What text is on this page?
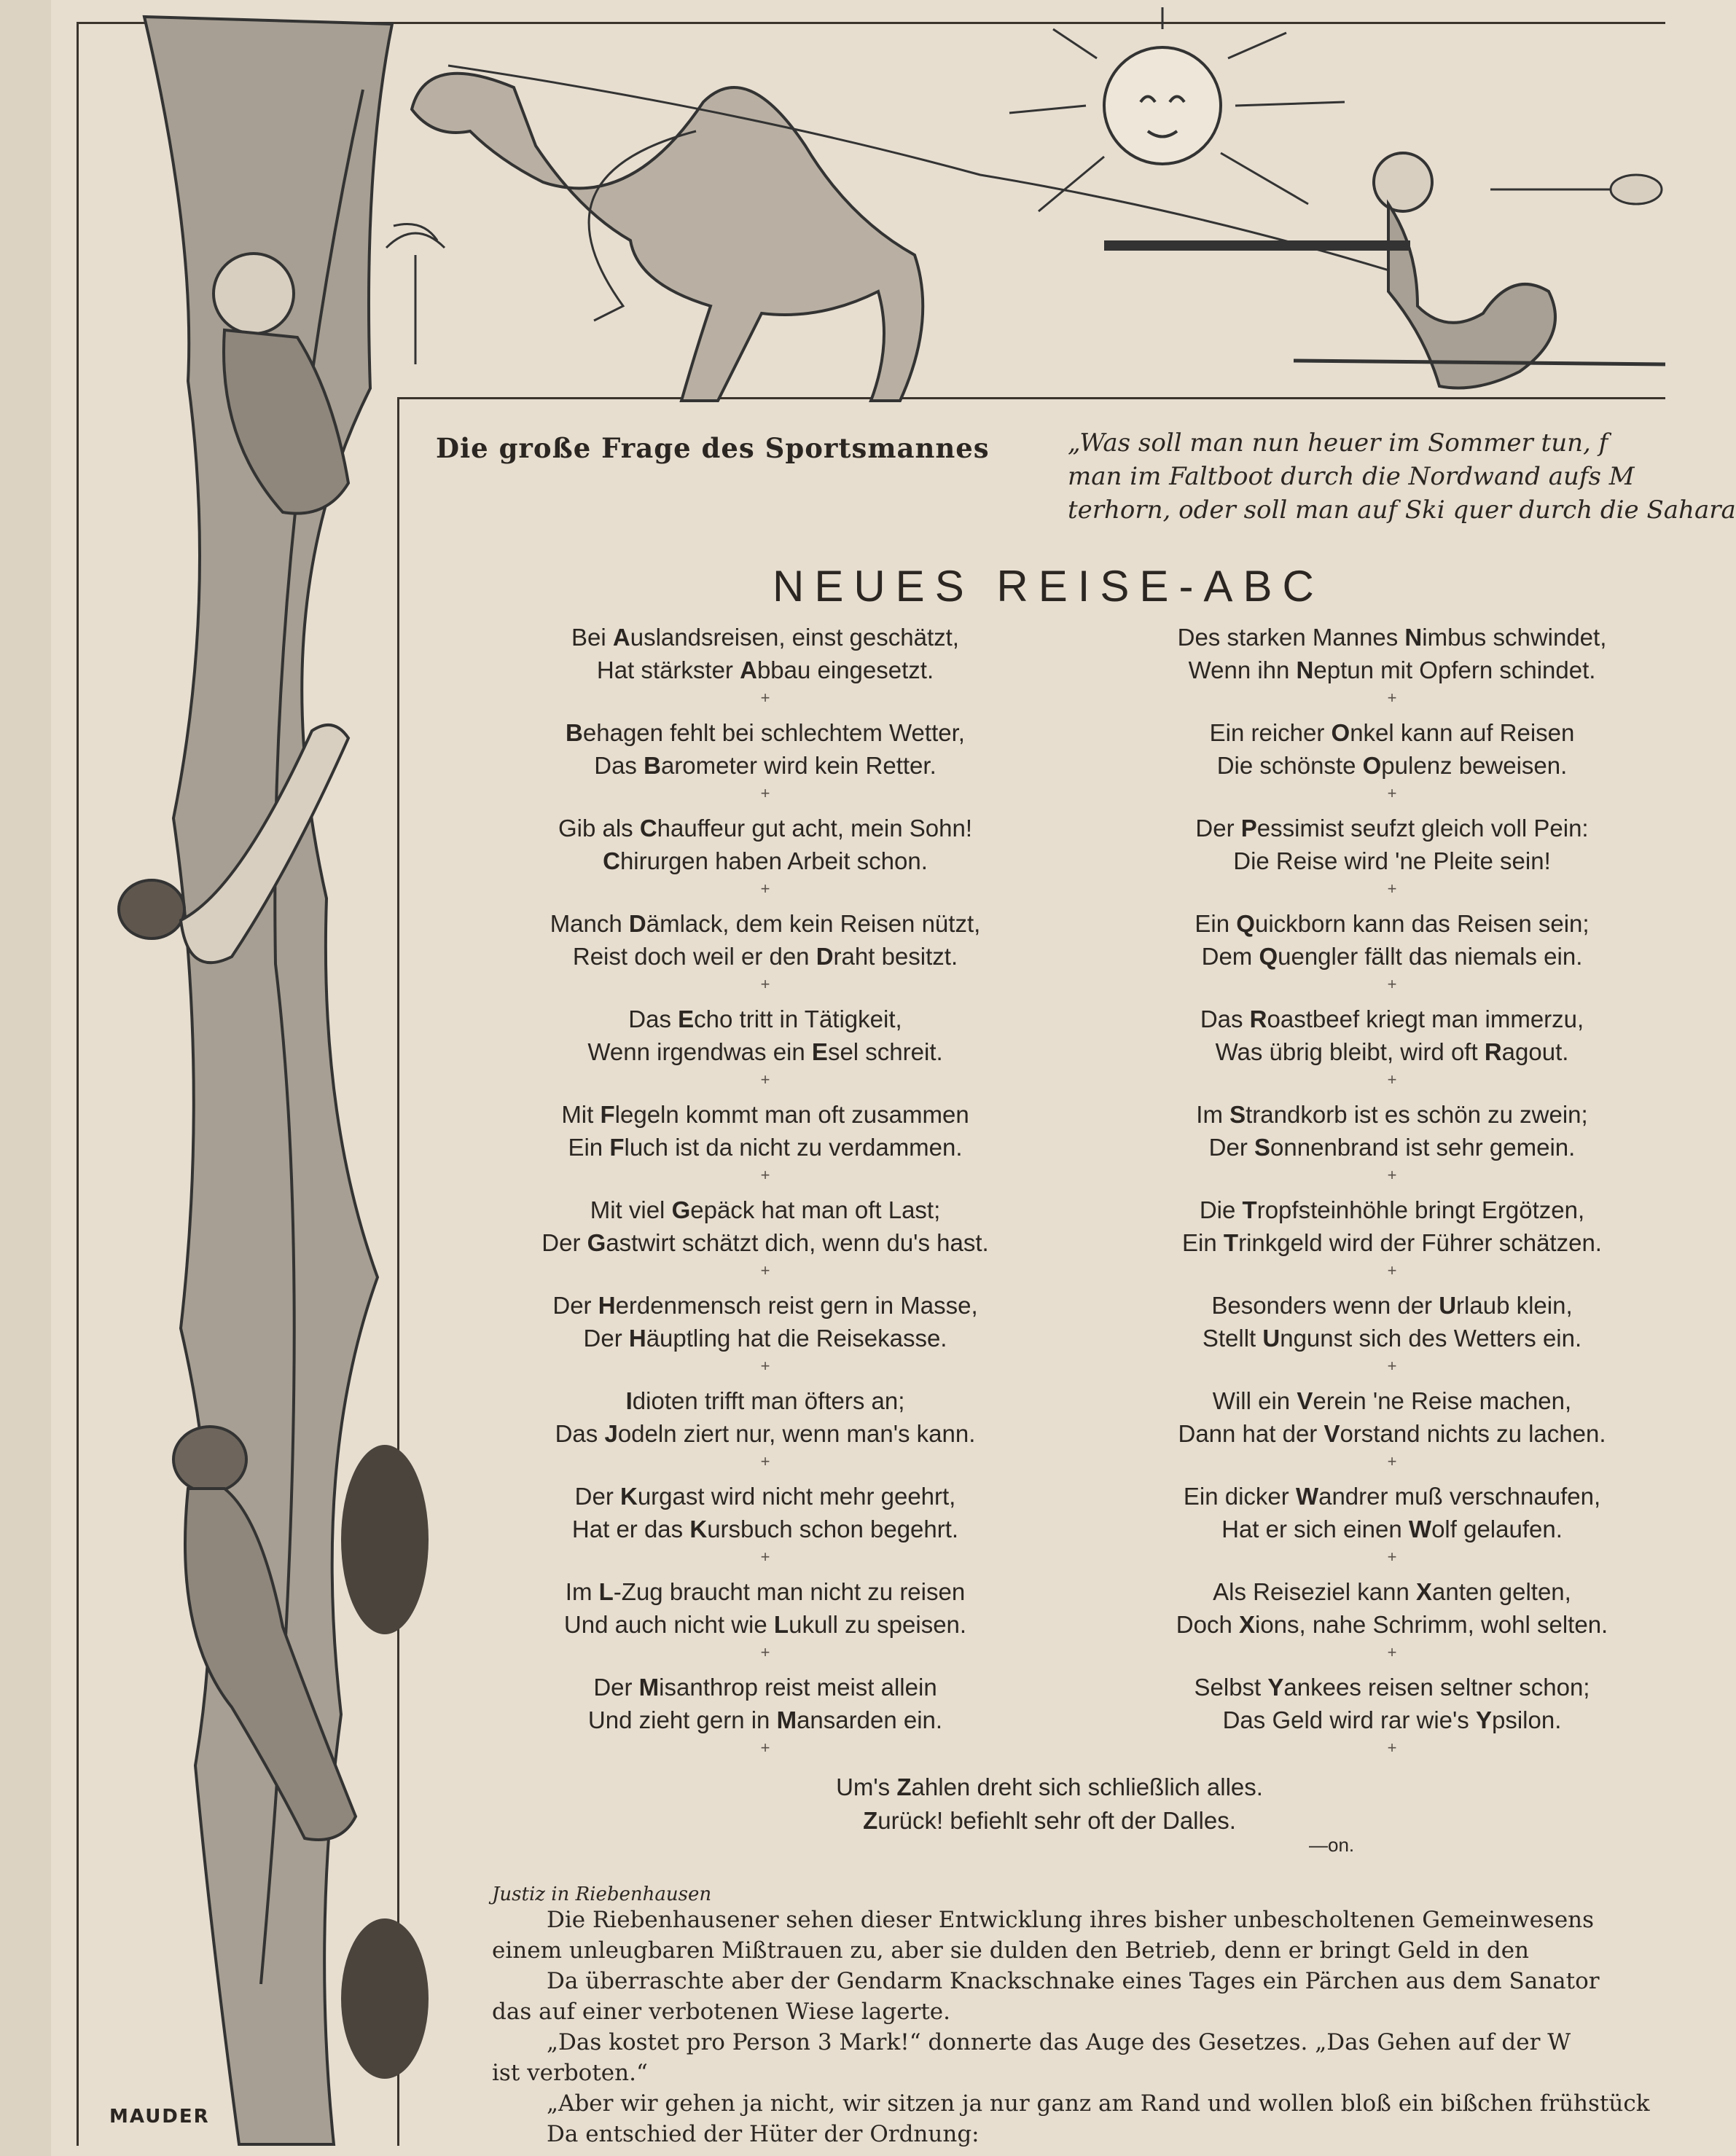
MAUDER
Die große Frage des Sportsmannes	„Was soll man nun heuer im Sommer tun, f
man im Faltboot durch die Nordwand aufs M
terhorn, oder soll man auf Ski quer durch die Sahara
NEUES REISE-ABC
Bei Auslandsreisen, einst geschätzt,
Hat stärkster Abbau eingesetzt.
+
Behagen fehlt bei schlechtem Wetter,
Das Barometer wird kein Retter.
+
Gib als Chauffeur gut acht, mein Sohn!
Chirurgen haben Arbeit schon.
+
Manch Dämlack, dem kein Reisen nützt,
Reist doch weil er den Draht besitzt.
+
Das Echo tritt in Tätigkeit,
Wenn irgendwas ein Esel schreit.
+
Mit Flegeln kommt man oft zusammen
Ein Fluch ist da nicht zu verdammen.
+
Mit viel Gepäck hat man oft Last;
Der Gastwirt schätzt dich, wenn du's hast.
+
Der Herdenmensch reist gern in Masse,
Der Häuptling hat die Reisekasse.
+
Idioten trifft man öfters an;
Das Jodeln ziert nur, wenn man's kann.
+
Der Kurgast wird nicht mehr geehrt,
Hat er das Kursbuch schon begehrt.
+
Im L-Zug braucht man nicht zu reisen
Und auch nicht wie Lukull zu speisen.
+
Der Misanthrop reist meist allein
Und zieht gern in Mansarden ein.
+
Des starken Mannes Nimbus schwindet,
Wenn ihn Neptun mit Opfern schindet.
+
Ein reicher Onkel kann auf Reisen
Die schönste Opulenz beweisen.
+
Der Pessimist seufzt gleich voll Pein:
Die Reise wird 'ne Pleite sein!
+
Ein Quickborn kann das Reisen sein;
Dem Quengler fällt das niemals ein.
+
Das Roastbeef kriegt man immerzu,
Was übrig bleibt, wird oft Ragout.
+
Im Strandkorb ist es schön zu zwein;
Der Sonnenbrand ist sehr gemein.
+
Die Tropfsteinhöhle bringt Ergötzen,
Ein Trinkgeld wird der Führer schätzen.
+
Besonders wenn der Urlaub klein,
Stellt Ungunst sich des Wetters ein.
+
Will ein Verein 'ne Reise machen,
Dann hat der Vorstand nichts zu lachen.
+
Ein dicker Wandrer muß verschnaufen,
Hat er sich einen Wolf gelaufen.
+
Als Reiseziel kann Xanten gelten,
Doch Xions, nahe Schrimm, wohl selten.
+
Selbst Yankees reisen seltner schon;
Das Geld wird rar wie's Ypsilon.
+
Um's Zahlen dreht sich schließlich alles.
Zurück! befiehlt sehr oft der Dalles.
—on.
Justiz in Riebenhausen
Die Riebenhausener sehen dieser Entwicklung ihres bisher unbescholtenen Gemeinwesens
einem unleugbaren Mißtrauen zu, aber sie dulden den Betrieb, denn er bringt Geld in den
Da überraschte aber der Gendarm Knackschnake eines Tages ein Pärchen aus dem Sanator
das auf einer verbotenen Wiese lagerte.
„Das kostet pro Person 3 Mark!“ donnerte das Auge des Gesetzes. „Das Gehen auf der W
ist verboten.“
„Aber wir gehen ja nicht, wir sitzen ja nur ganz am Rand und wollen bloß ein bißchen frühstück
Da entschied der Hüter der Ordnung:
